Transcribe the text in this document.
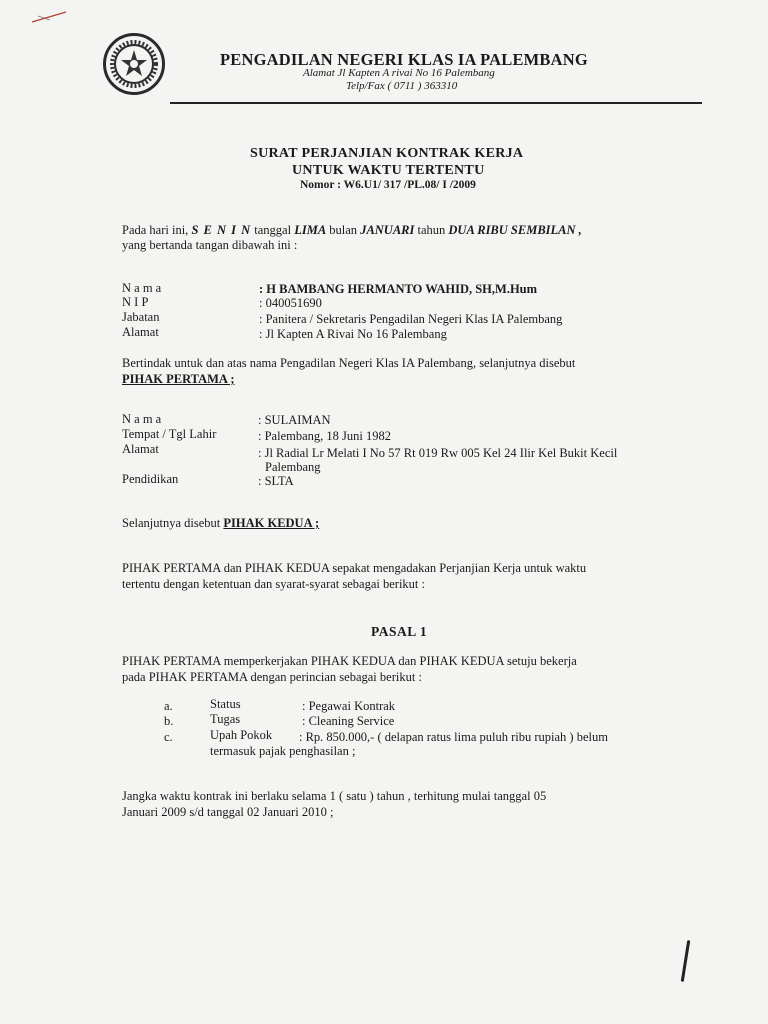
PENGADILAN NEGERI KLAS IA PALEMBANG
Alamat Jl Kapten A rivai No 16 Palembang
Telp/Fax ( 0711 ) 363310
SURAT PERJANJIAN KONTRAK KERJA
UNTUK WAKTU TERTENTU
Nomor : W6.U1/ 317 /PL.08/ I /2009
Pada hari ini, S E N I N tanggal LIMA bulan JANUARI tahun DUA RIBU SEMBILAN ,
yang bertanda tangan dibawah ini :
N a m a	: H BAMBANG HERMANTO WAHID, SH,M.Hum
N I P	: 040051690
Jabatan	: Panitera / Sekretaris Pengadilan Negeri Klas IA Palembang
Alamat	: Jl Kapten A Rivai No 16 Palembang
Bertindak untuk dan atas nama Pengadilan Negeri Klas IA Palembang, selanjutnya disebut
PIHAK PERTAMA ;
N a m a	: SULAIMAN
Tempat / Tgl Lahir	: Palembang, 18 Juni 1982
Alamat	: Jl Radial Lr Melati I No 57 Rt 019 Rw 005 Kel 24 Ilir Kel Bukit Kecil
Palembang
Pendidikan	: SLTA
Selanjutnya disebut PIHAK KEDUA ;
PIHAK PERTAMA dan PIHAK KEDUA sepakat mengadakan Perjanjian Kerja untuk waktu
tertentu dengan ketentuan dan syarat-syarat sebagai berikut :
PASAL 1
PIHAK PERTAMA memperkerjakan PIHAK KEDUA dan PIHAK KEDUA setuju bekerja
pada PIHAK PERTAMA dengan perincian sebagai berikut :
a.	Status	: Pegawai Kontrak
b.	Tugas	: Cleaning Service
c.	Upah Pokok : Rp. 850.000,- ( delapan ratus lima puluh ribu rupiah ) belum
termasuk pajak penghasilan ;
Jangka waktu kontrak ini berlaku selama 1 ( satu ) tahun , terhitung mulai tanggal 05
Januari 2009 s/d tanggal 02 Januari 2010 ;
